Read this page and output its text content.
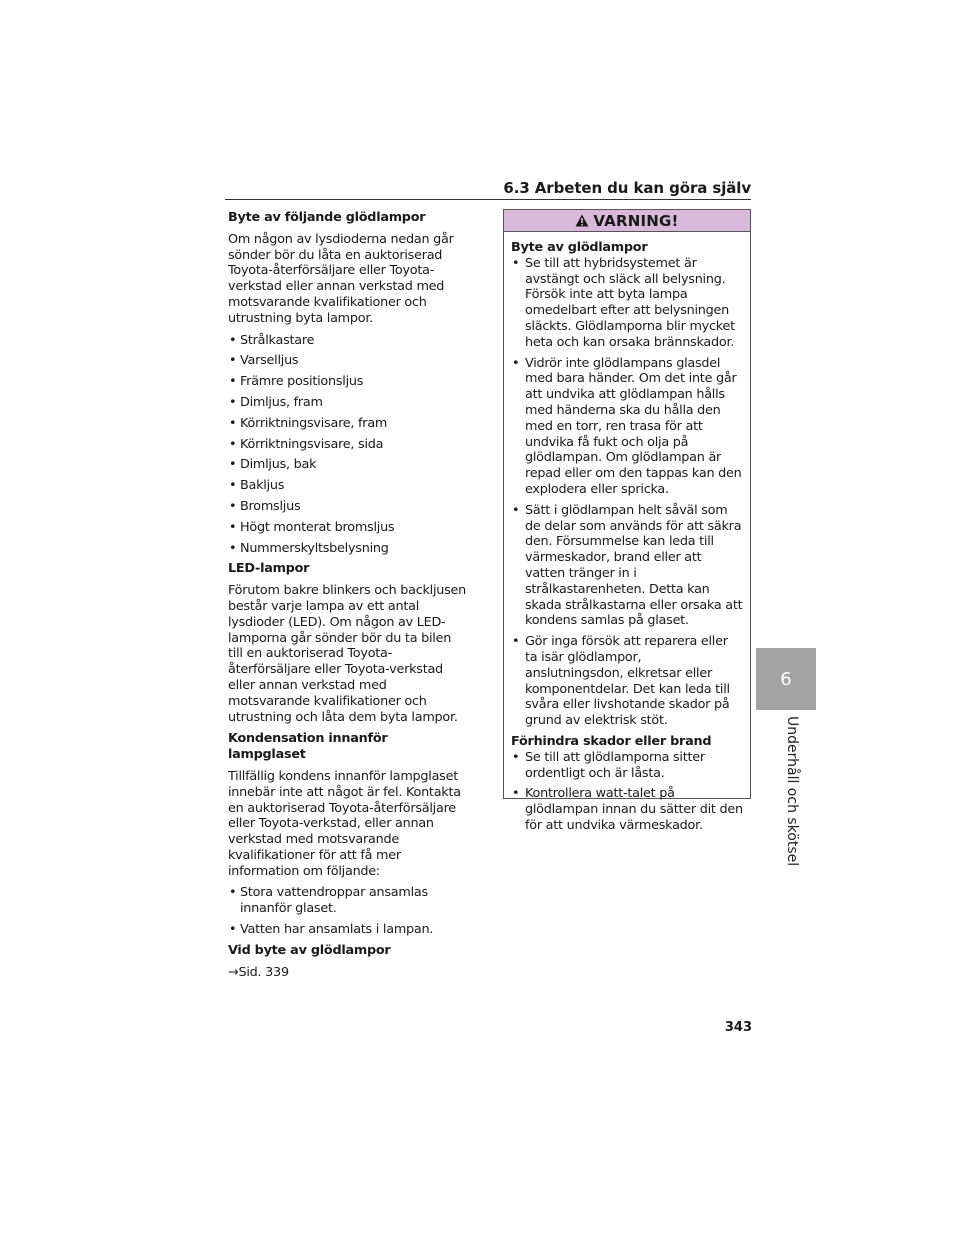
6.3 Arbeten du kan göra själv
6
Underhåll och skötsel
Byte av följande glödlampor

Om någon av lysdioderna nedan går sönder bör du låta en auktoriserad Toyota-återförsäljare eller Toyota-verkstad eller annan verkstad med motsvarande kvalifikationer och utrustning byta lampor.

• Strålkastare
• Varselljus
• Främre positionsljus
• Dimljus, fram
• Körriktningsvisare, fram
• Körriktningsvisare, sida
• Dimljus, bak
• Bakljus
• Bromsljus
• Högt monterat bromsljus
• Nummerskyltsbelysning
LED-lampor

Förutom bakre blinkers och backljusen består varje lampa av ett antal lysdioder (LED). Om någon av LED-lamporna går sönder bör du ta bilen till en auktoriserad Toyota-återförsäljare eller Toyota-verkstad eller annan verkstad med motsvarande kvalifikationer och utrustning och låta dem byta lampor.

Kondensation innanför lampglaset

Tillfällig kondens innanför lampglaset innebär inte att något är fel. Kontakta en auktoriserad Toyota-återförsäljare eller Toyota-verkstad, eller annan verkstad med motsvarande kvalifikationer för att få mer information om följande:

• Stora vattendroppar ansamlas innanför glaset.
• Vatten har ansamlats i lampan.
Vid byte av glödlampor

→Sid. 339

VARNING!
Byte av glödlampor
• Se till att hybridsystemet är avstängt och släck all belysning. Försök inte att byta lampa omedelbart efter att belysningen släckts. Glödlamporna blir mycket heta och kan orsaka brännskador.
• Vidrör inte glödlampans glasdel med bara händer. Om det inte går att undvika att glödlampan hålls med händerna ska du hålla den med en torr, ren trasa för att undvika få fukt och olja på glödlampan. Om glödlampan är repad eller om den tappas kan den explodera eller spricka.
• Sätt i glödlampan helt såväl som de delar som används för att säkra den. Försummelse kan leda till värmeskador, brand eller att vatten tränger in i strålkastarenheten. Detta kan skada strålkastarna eller orsaka att kondens samlas på glaset.
• Gör inga försök att reparera eller ta isär glödlampor, anslutningsdon, elkretsar eller komponentdelar. Det kan leda till svåra eller livshotande skador på grund av elektrisk stöt.
Förhindra skador eller brand
• Se till att glödlamporna sitter ordentligt och är låsta.
• Kontrollera watt-talet på glödlampan innan du sätter dit den för att undvika värmeskador.
343
